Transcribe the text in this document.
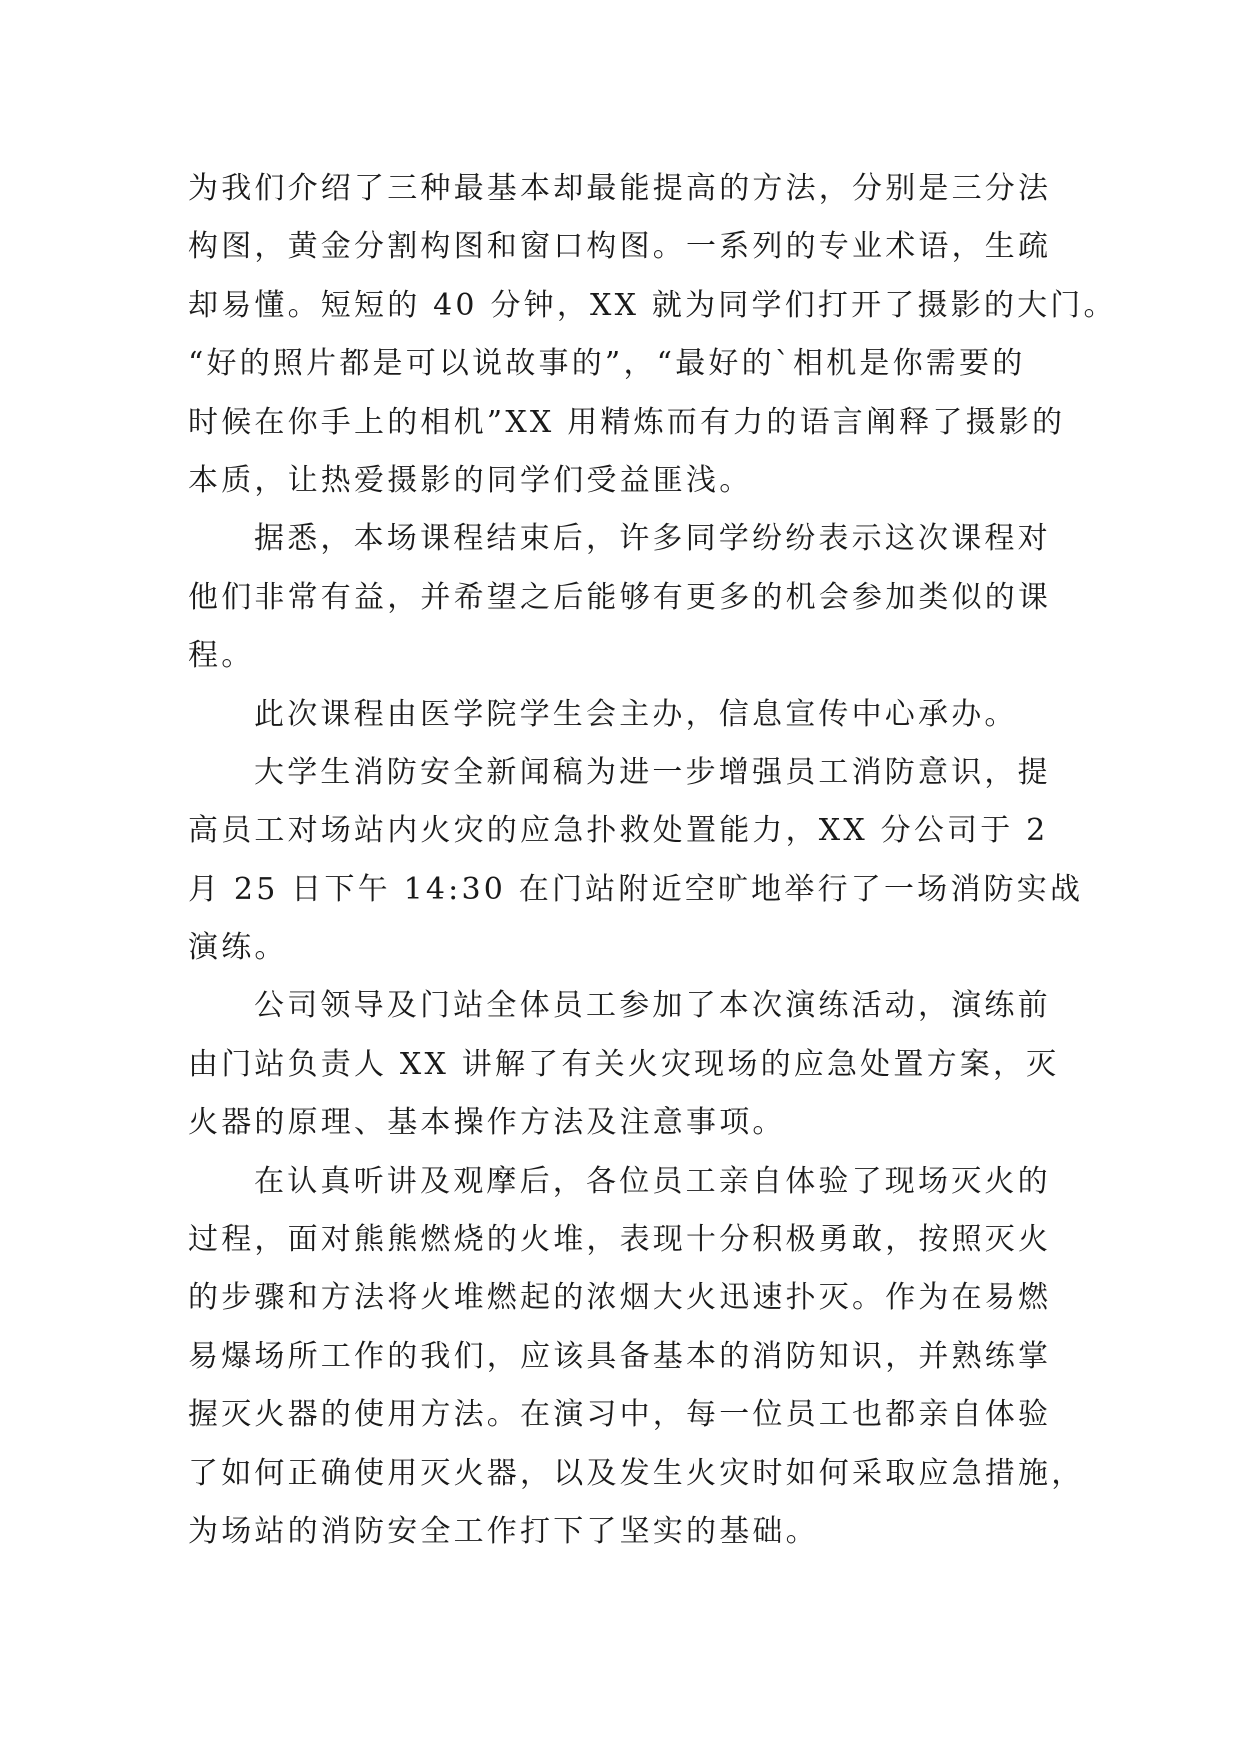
为我们介绍了三种最基本却最能提高的方法，分别是三分法
构图，黄金分割构图和窗口构图。一系列的专业术语，生疏
却易懂。短短的 40 分钟，XX 就为同学们打开了摄影的大门。
“好的照片都是可以说故事的”，“最好的`相机是你需要的
时候在你手上的相机”XX 用精炼而有力的语言阐释了摄影的
本质，让热爱摄影的同学们受益匪浅。
据悉，本场课程结束后，许多同学纷纷表示这次课程对
他们非常有益，并希望之后能够有更多的机会参加类似的课
程。
此次课程由医学院学生会主办，信息宣传中心承办。
大学生消防安全新闻稿为进一步增强员工消防意识，提
高员工对场站内火灾的应急扑救处置能力，XX 分公司于 2
月 25 日下午 14:30 在门站附近空旷地举行了一场消防实战
演练。
公司领导及门站全体员工参加了本次演练活动，演练前
由门站负责人 XX 讲解了有关火灾现场的应急处置方案，灭
火器的原理、基本操作方法及注意事项。
在认真听讲及观摩后，各位员工亲自体验了现场灭火的
过程，面对熊熊燃烧的火堆，表现十分积极勇敢，按照灭火
的步骤和方法将火堆燃起的浓烟大火迅速扑灭。作为在易燃
易爆场所工作的我们，应该具备基本的消防知识，并熟练掌
握灭火器的使用方法。在演习中，每一位员工也都亲自体验
了如何正确使用灭火器，以及发生火灾时如何采取应急措施，
为场站的消防安全工作打下了坚实的基础。
